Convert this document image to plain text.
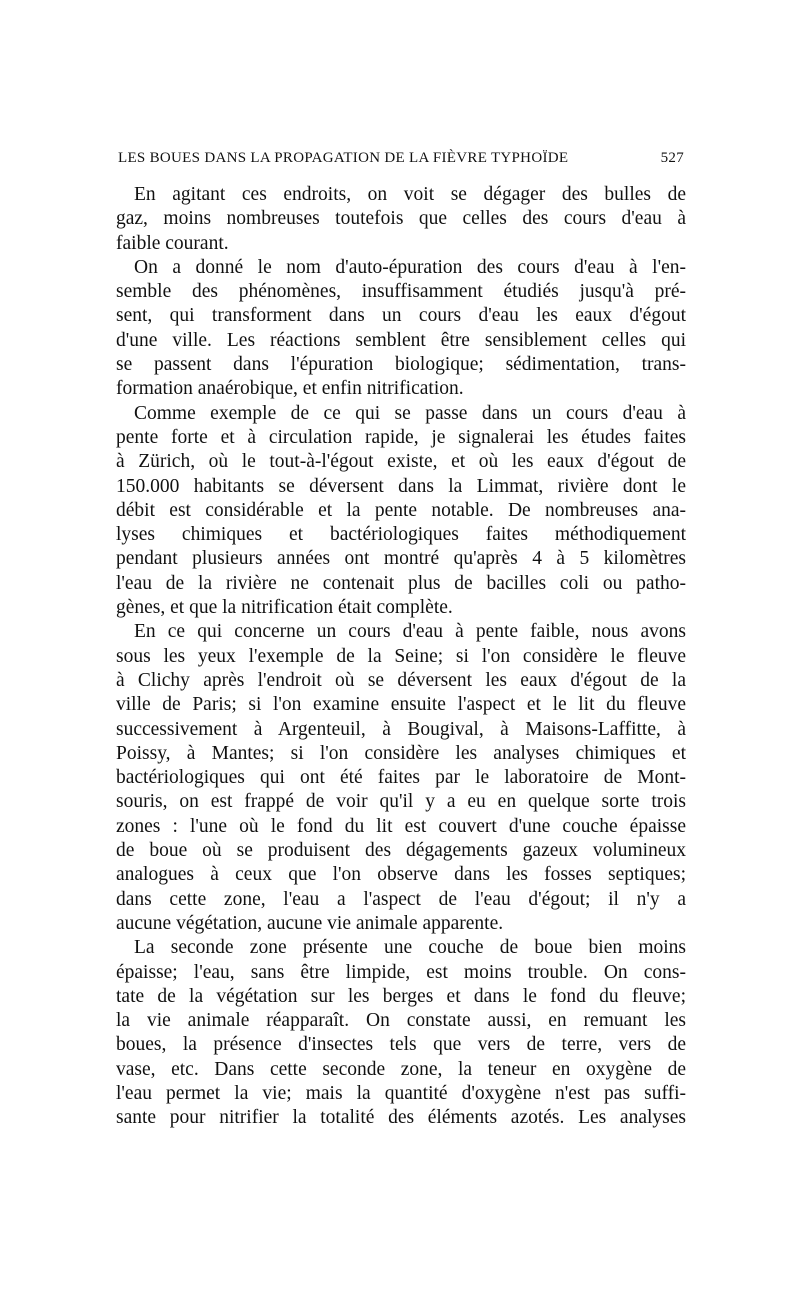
LES BOUES DANS LA PROPAGATION DE LA FIÈVRE TYPHOÏDE	527
En agitant ces endroits, on voit se dégager des bulles de
gaz, moins nombreuses toutefois que celles des cours d'eau à
faible courant.
On a donné le nom d'auto-épuration des cours d'eau à l'en-
semble des phénomènes, insuffisamment étudiés jusqu'à pré-
sent, qui transforment dans un cours d'eau les eaux d'égout
d'une ville. Les réactions semblent être sensiblement celles qui
se passent dans l'épuration biologique; sédimentation, trans-
formation anaérobique, et enfin nitrification.
Comme exemple de ce qui se passe dans un cours d'eau à
pente forte et à circulation rapide, je signalerai les études faites
à Zürich, où le tout-à-l'égout existe, et où les eaux d'égout de
150.000 habitants se déversent dans la Limmat, rivière dont le
débit est considérable et la pente notable. De nombreuses ana-
lyses chimiques et bactériologiques faites méthodiquement
pendant plusieurs années ont montré qu'après 4 à 5 kilomètres
l'eau de la rivière ne contenait plus de bacilles coli ou patho-
gènes, et que la nitrification était complète.
En ce qui concerne un cours d'eau à pente faible, nous avons
sous les yeux l'exemple de la Seine; si l'on considère le fleuve
à Clichy après l'endroit où se déversent les eaux d'égout de la
ville de Paris; si l'on examine ensuite l'aspect et le lit du fleuve
successivement à Argenteuil, à Bougival, à Maisons-Laffitte, à
Poissy, à Mantes; si l'on considère les analyses chimiques et
bactériologiques qui ont été faites par le laboratoire de Mont-
souris, on est frappé de voir qu'il y a eu en quelque sorte trois
zones : l'une où le fond du lit est couvert d'une couche épaisse
de boue où se produisent des dégagements gazeux volumineux
analogues à ceux que l'on observe dans les fosses septiques;
dans cette zone, l'eau a l'aspect de l'eau d'égout; il n'y a
aucune végétation, aucune vie animale apparente.
La seconde zone présente une couche de boue bien moins
épaisse; l'eau, sans être limpide, est moins trouble. On cons-
tate de la végétation sur les berges et dans le fond du fleuve;
la vie animale réapparaît. On constate aussi, en remuant les
boues, la présence d'insectes tels que vers de terre, vers de
vase, etc. Dans cette seconde zone, la teneur en oxygène de
l'eau permet la vie; mais la quantité d'oxygène n'est pas suffi-
sante pour nitrifier la totalité des éléments azotés. Les analyses
